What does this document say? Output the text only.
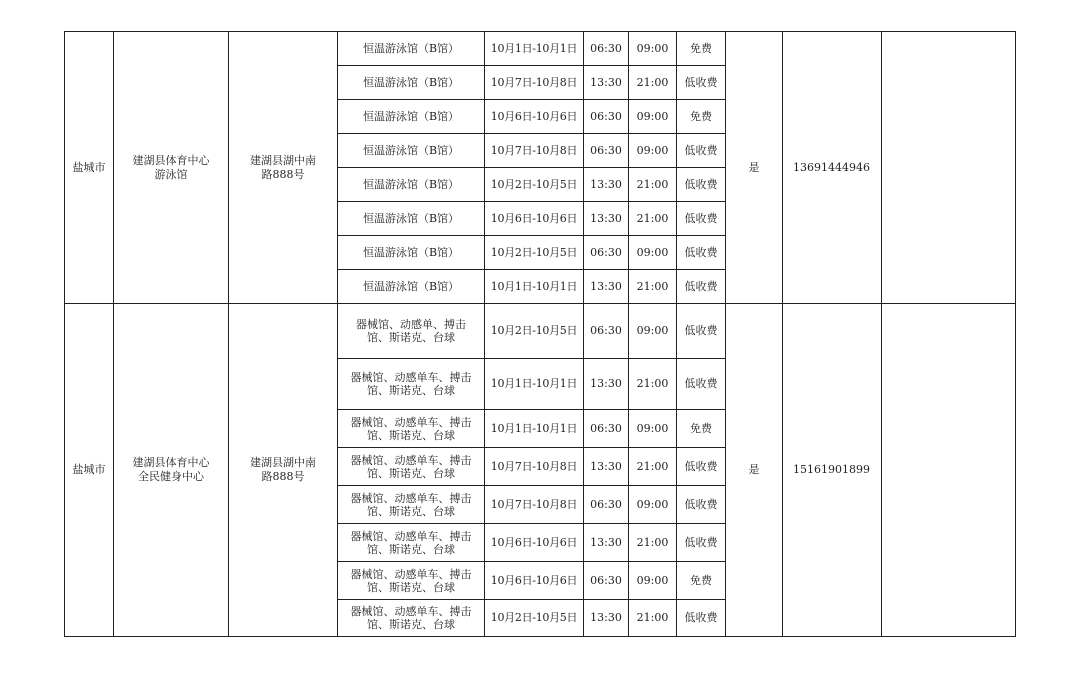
盐城市	建湖县体育中心游泳馆	建湖县湖中南路888号	恒温游泳馆（B馆）	10月1日-10月1日	06:30	09:00	免费	是	13691444946	
			恒温游泳馆（B馆）	10月7日-10月8日	13:30	21:00	低收费			
			恒温游泳馆（B馆）	10月6日-10月6日	06:30	09:00	免费			
			恒温游泳馆（B馆）	10月7日-10月8日	06:30	09:00	低收费			
			恒温游泳馆（B馆）	10月2日-10月5日	13:30	21:00	低收费			
			恒温游泳馆（B馆）	10月6日-10月6日	13:30	21:00	低收费			
			恒温游泳馆（B馆）	10月2日-10月5日	06:30	09:00	低收费			
			恒温游泳馆（B馆）	10月1日-10月1日	13:30	21:00	低收费			
盐城市	建湖县体育中心全民健身中心	建湖县湖中南路888号	器械馆、动感单、搏击馆、斯诺克、台球	10月2日-10月5日	06:30	09:00	低收费	是	15161901899	
			器械馆、动感单车、搏击馆、斯诺克、台球	10月1日-10月1日	13:30	21:00	低收费			
			器械馆、动感单车、搏击馆、斯诺克、台球	10月1日-10月1日	06:30	09:00	免费			
			器械馆、动感单车、搏击馆、斯诺克、台球	10月7日-10月8日	13:30	21:00	低收费			
			器械馆、动感单车、搏击馆、斯诺克、台球	10月7日-10月8日	06:30	09:00	低收费			
			器械馆、动感单车、搏击馆、斯诺克、台球	10月6日-10月6日	13:30	21:00	低收费			
			器械馆、动感单车、搏击馆、斯诺克、台球	10月6日-10月6日	06:30	09:00	免费			
			器械馆、动感单车、搏击馆、斯诺克、台球	10月2日-10月5日	13:30	21:00	低收费			
